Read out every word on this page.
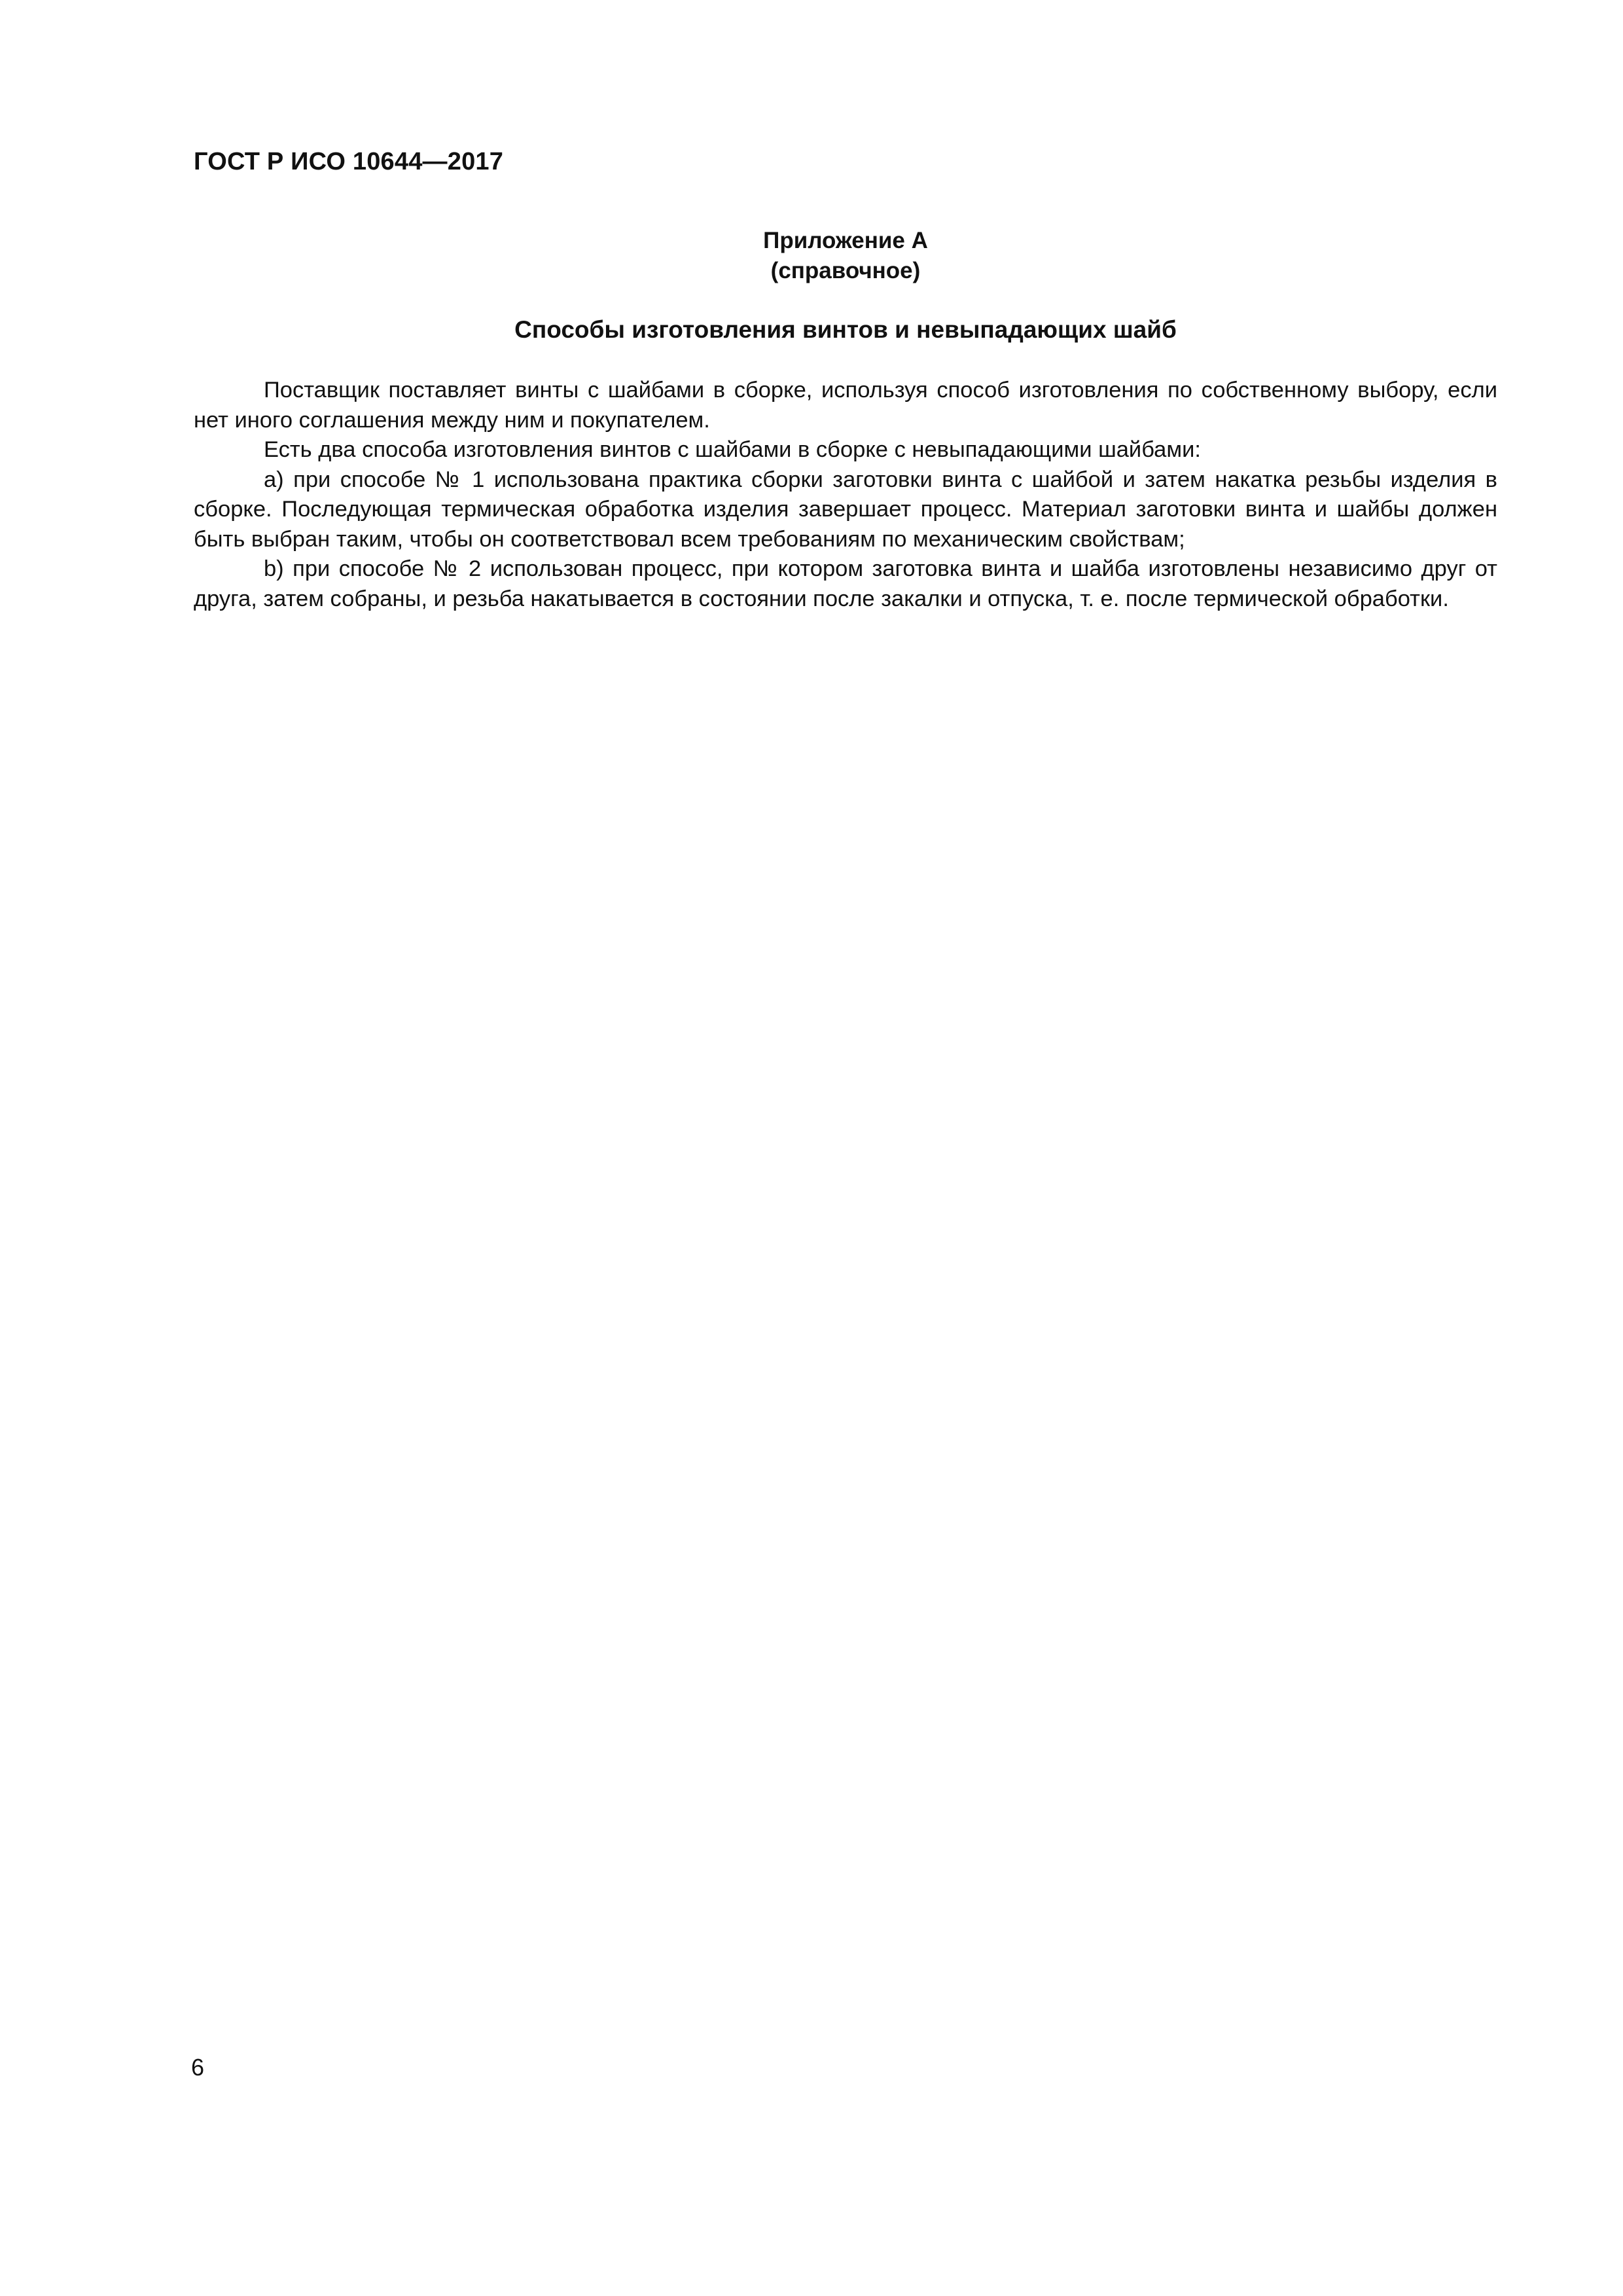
ГОСТ Р ИСО 10644—2017
Приложение А
(справочное)
Способы изготовления винтов и невыпадающих шайб

Поставщик поставляет винты с шайбами в сборке, используя способ изготовления по собственному выбору, если нет иного соглашения между ним и покупателем.

Есть два способа изготовления винтов с шайбами в сборке с невыпадающими шайбами:

a) при способе № 1 использована практика сборки заготовки винта с шайбой и затем накатка резьбы изделия в сборке. Последующая термическая обработка изделия завершает процесс. Материал заготовки винта и шайбы должен быть выбран таким, чтобы он соответствовал всем требованиям по механическим свойствам;

b) при способе № 2 использован процесс, при котором заготовка винта и шайба изготовлены независимо друг от друга, затем собраны, и резьба накатывается в состоянии после закалки и отпуска, т. е. после термической обработки.

6
